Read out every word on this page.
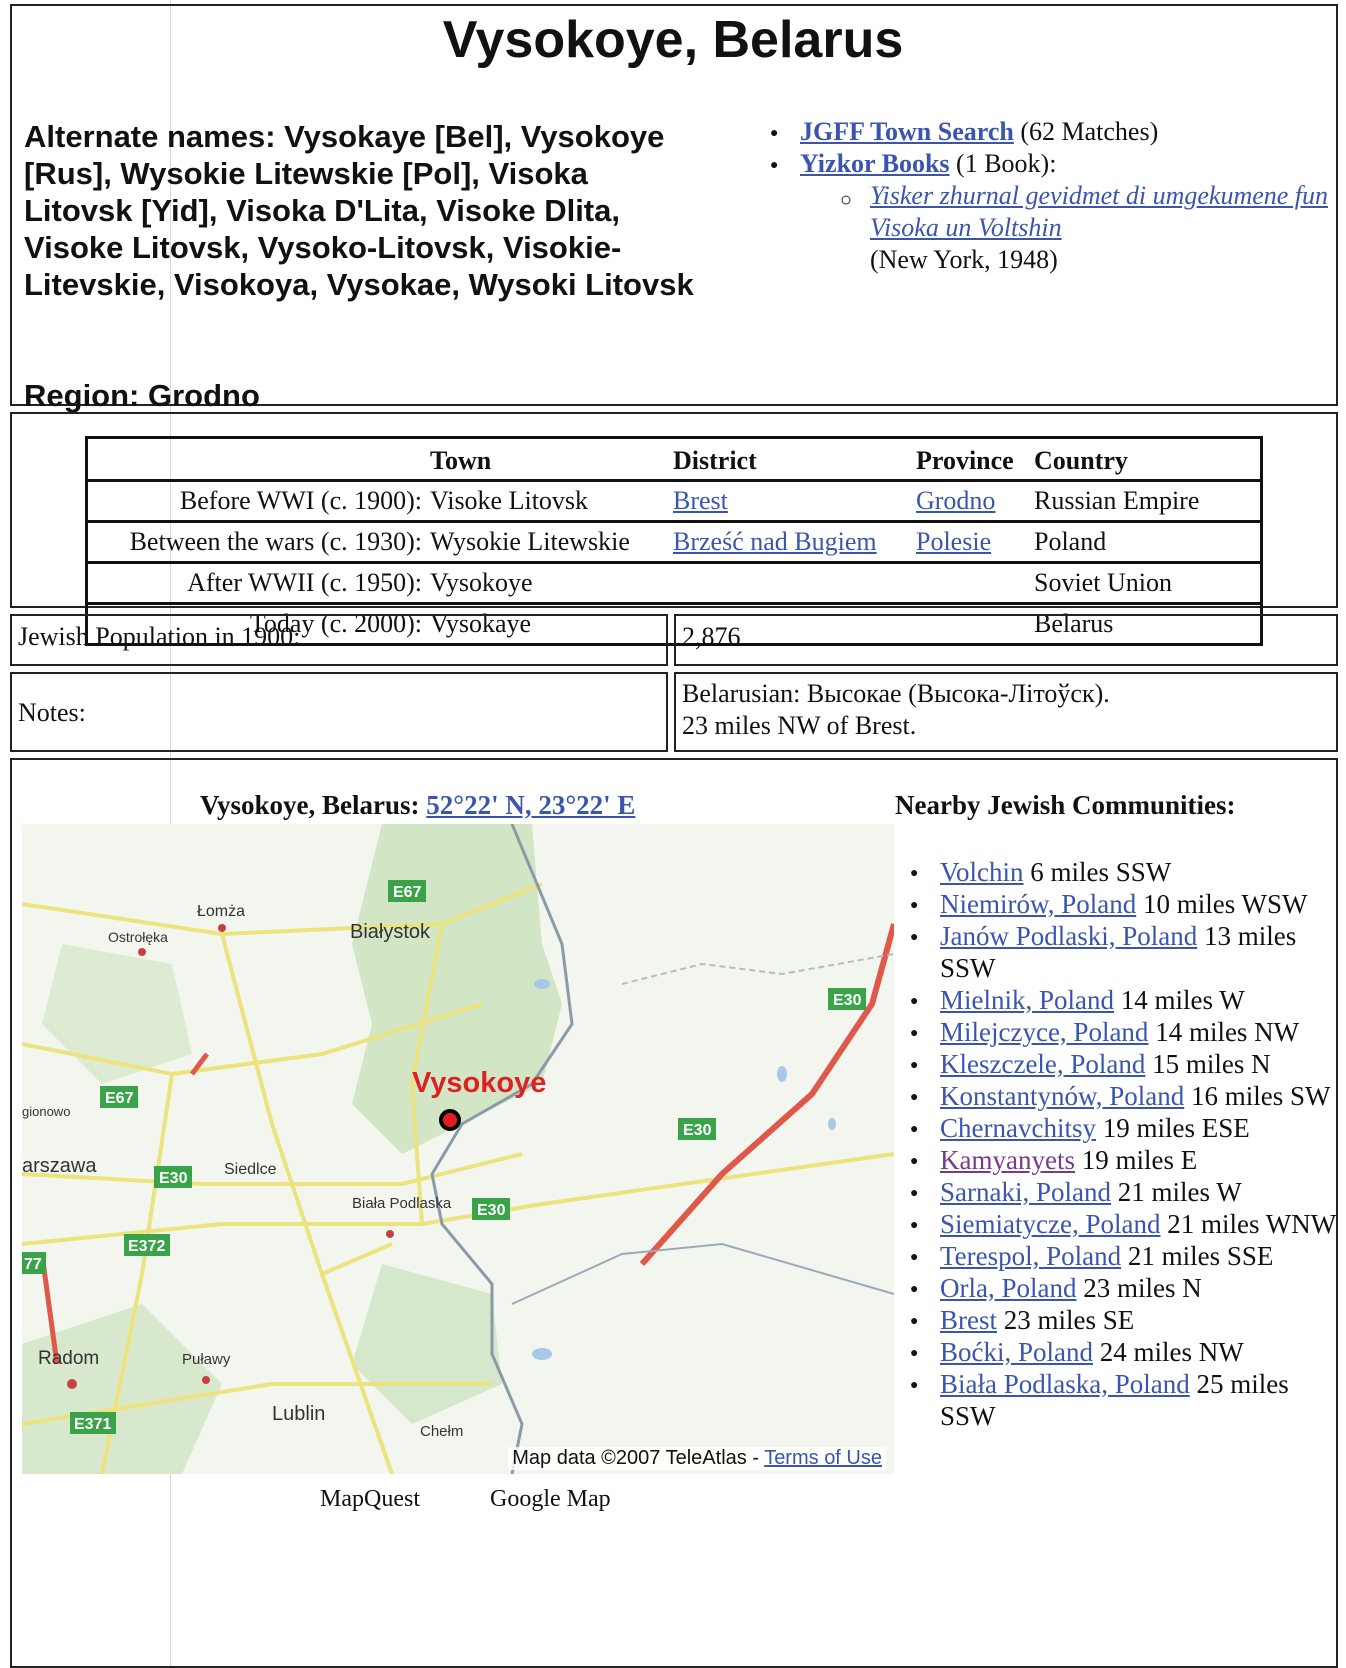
Vysokoye, Belarus
Alternate names: Vysokaye [Bel], Vysokoye [Rus], Wysokie Litewskie [Pol], Visoka Litovsk [Yid], Visoka D'Lita, Visoke Dlita, Visoke Litovsk, Vysoko-Litovsk, Visokie-Litevskie, Visokoya, Vysokae, Wysoki Litovsk
Region: Grodno
● JGFF Town Search (62 Matches)
● Yizkor Books (1 Book):
○ Yisker zhurnal gevidmet di umgekumene fun Visoka un Voltshin
(New York, 1948)
	Town	District	Province	Country
Before WWI (c. 1900):	Visoke Litovsk	Brest	Grodno	Russian Empire
Between the wars (c. 1930):	Wysokie Litewskie	Brześć nad Bugiem	Polesie	Poland
After WWII (c. 1950):	Vysokoye			Soviet Union
Today (c. 2000):	Vysokaye			Belarus
Jewish Population in 1900:	2,876
Notes:
Belarusian: Высокае (Высока-Літоўск).
23 miles NW of Brest.
Vysokoye, Belarus: 52°22' N, 23°22' E
E67
E67
E30
E30
E30
E30
E372
E371
77
Łomża
Ostrołęka	Białystok
Siedlce
Biała Podlaska
Radom	Puławy
Lublin
Chełm
arszawa
gionowo
Vysokoye
Map data ©2007 TeleAtlas - Terms of Use
MapQuest	Google Map
Nearby Jewish Communities:
● Volchin 6 miles SSW
● Niemirów, Poland 10 miles WSW
● Janów Podlaski, Poland 13 miles SSW
● Mielnik, Poland 14 miles W
● Milejczyce, Poland 14 miles NW
● Kleszczele, Poland 15 miles N
● Konstantynów, Poland 16 miles SW
● Chernavchitsy 19 miles ESE
● Kamyanyets 19 miles E
● Sarnaki, Poland 21 miles W
● Siemiatycze, Poland 21 miles WNW
● Terespol, Poland 21 miles SSE
● Orla, Poland 23 miles N
● Brest 23 miles SE
● Boćki, Poland 24 miles NW
● Biała Podlaska, Poland 25 miles SSW
